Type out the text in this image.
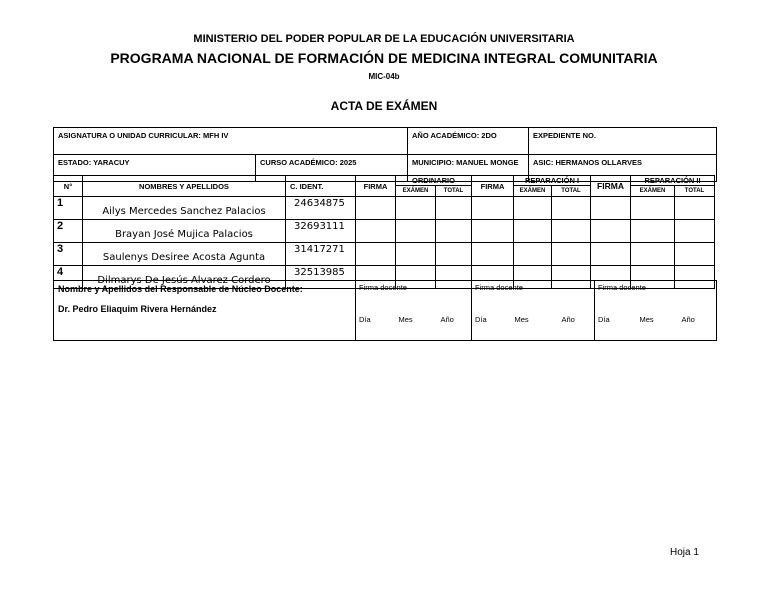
MINISTERIO DEL PODER POPULAR DE LA EDUCACIÓN UNIVERSITARIA
PROGRAMA NACIONAL DE FORMACIÓN DE MEDICINA INTEGRAL COMUNITARIA
MIC-04b
ACTA DE EXÁMEN
ASIGNATURA O UNIDAD CURRICULAR: MFH IV		AÑO ACADÉMICO: 2DO	EXPEDIENTE NO.
ESTADO: YARACUY	CURSO ACADÉMICO: 2025	MUNICIPIO: MANUEL MONGE	ASIC: HERMANOS OLLARVES
N°	NOMBRES Y APELLIDOS	C. IDENT.	FIRMA	ORDINARIO		FIRMA	REPARACIÓN I		FIRMA	REPARACIÓN II	
				EXÁMEN	TOTAL		EXÁMEN	TOTAL		EXÁMEN	TOTAL
1	Ailys Mercedes Sanchez Palacios	24634875									
2	Brayan José Mujica Palacios	32693111									
3	Saulenys Desiree Acosta Agunta	31417271									
4	Dilmarys De Jesús Alvarez Cordero	32513985									
Nombre y Apellidos del Responsable de Núcleo Docente:
Dr. Pedro Eliaquim Rivera Hernández	Firma docente			Firma docente			Firma docente		
	Día	Mes	Año	Día	Mes	Año	Día	Mes	Año
Hoja 1
